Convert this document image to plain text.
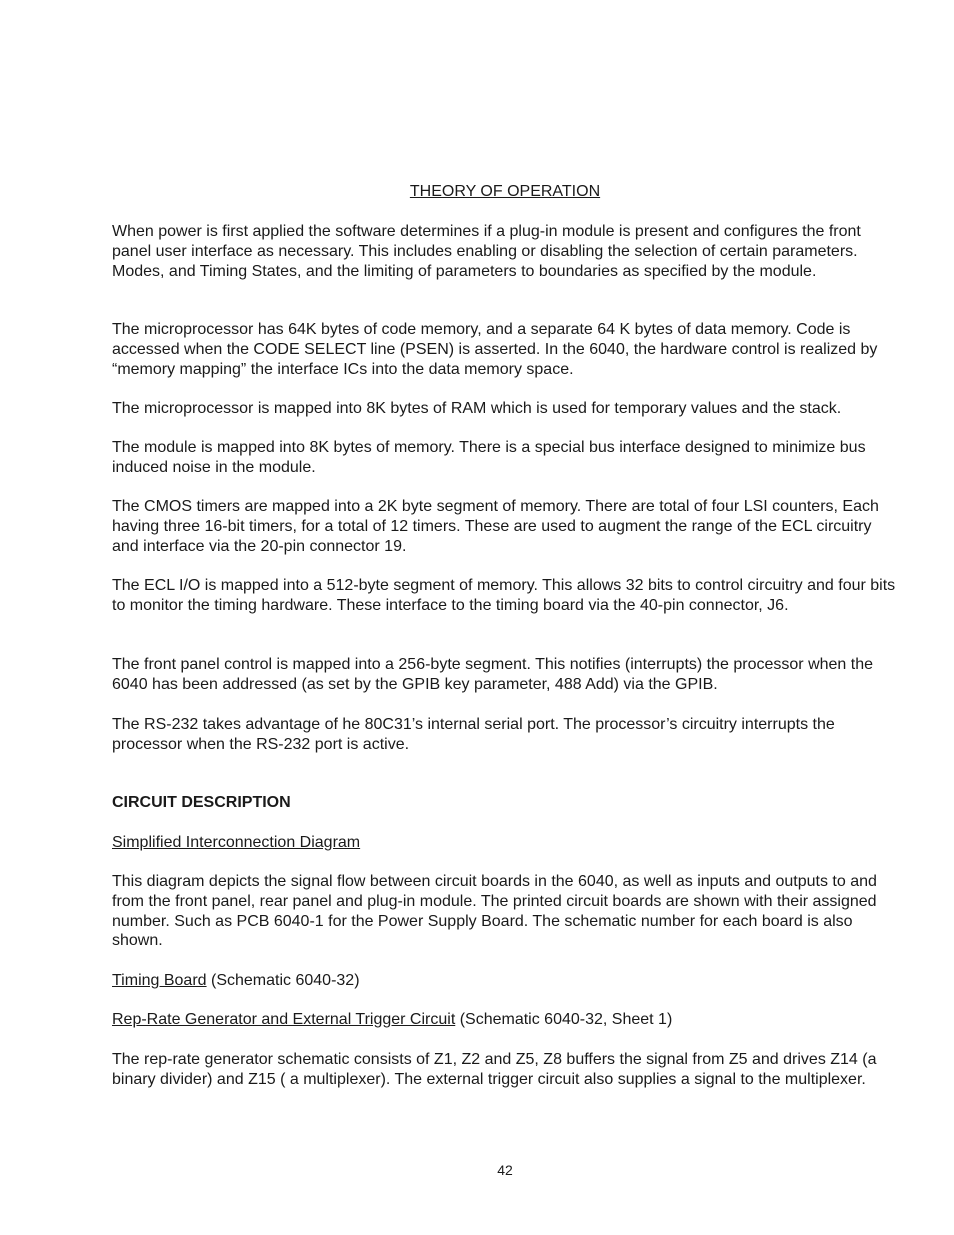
THEORY OF OPERATION

When power is first applied the software determines if a plug-in module is present and configures the front panel user interface as necessary. This includes enabling or disabling the selection of certain parameters. Modes, and Timing States, and the limiting of parameters to boundaries as specified by the module.

The microprocessor has 64K bytes of code memory, and a separate 64 K bytes of data memory. Code is accessed when the CODE SELECT line (PSEN) is asserted. In the 6040, the hardware control is realized by “memory mapping” the interface ICs into the data memory space.

The microprocessor is mapped into 8K bytes of RAM which is used for temporary values and the stack.

The module is mapped into 8K bytes of memory. There is a special bus interface designed to minimize bus induced noise in the module.

The CMOS timers are mapped into a 2K byte segment of memory. There are total of four LSI counters, Each having three 16-bit timers, for a total of 12 timers. These are used to augment the range of the ECL circuitry and interface via the 20-pin connector 19.

The ECL I/O is mapped into a 512-byte segment of memory. This allows 32 bits to control circuitry and four bits to monitor the timing hardware. These interface to the timing board via the 40-pin connector, J6.

The front panel control is mapped into a 256-byte segment. This notifies (interrupts) the processor when the 6040 has been addressed (as set by the GPIB key parameter, 488 Add) via the GPIB.

The RS-232 takes advantage of he 80C31’s internal serial port. The processor’s circuitry interrupts the processor when the RS-232 port is active.

CIRCUIT DESCRIPTION

Simplified Interconnection Diagram

This diagram depicts the signal flow between circuit boards in the 6040, as well as inputs and outputs to and from the front panel, rear panel and plug-in module. The printed circuit boards are shown with their assigned number. Such as PCB 6040-1 for the Power Supply Board. The schematic number for each board is also shown.

Timing Board (Schematic 6040-32)

Rep-Rate Generator and External Trigger Circuit (Schematic 6040-32, Sheet 1)

The rep-rate generator schematic consists of Z1, Z2 and Z5, Z8 buffers the signal from Z5 and drives Z14 (a binary divider) and Z15 ( a multiplexer). The external trigger circuit also supplies a signal to the multiplexer.

42
